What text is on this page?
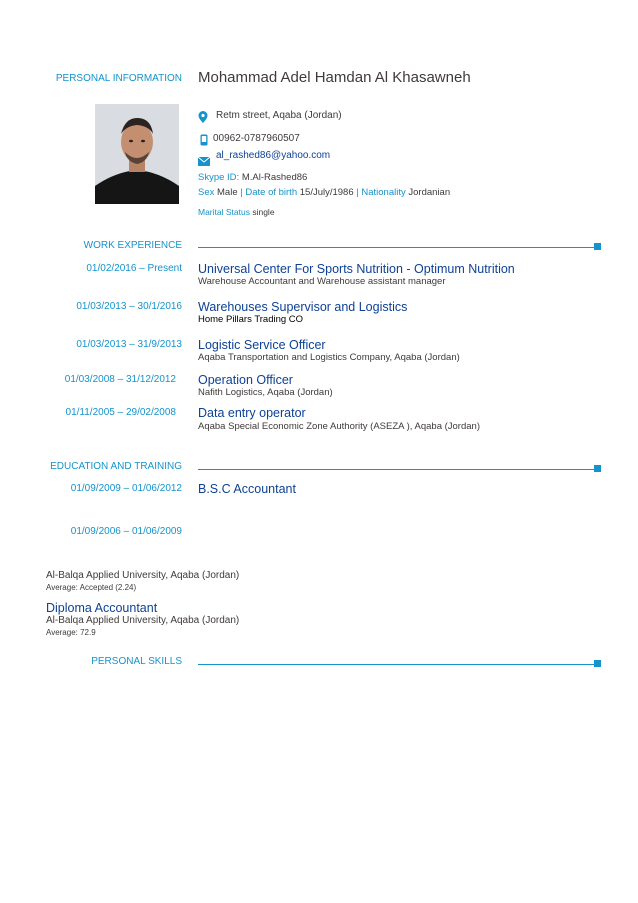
PERSONAL INFORMATION Mohammad Adel Hamdan Al Khasawneh
Retm street, Aqaba (Jordan)
00962-0787960507
al_rashed86@yahoo.com
Skype ID: M.Al-Rashed86
Sex Male | Date of birth 15/July/1986 | Nationality Jordanian
Marital Status single
WORK EXPERIENCE
01/02/2016 – Present Universal Center For Sports Nutrition - Optimum Nutrition
Warehouse Accountant and Warehouse assistant manager
01/03/2013 – 30/1/2016 Warehouses Supervisor and Logistics
Home Pillars Trading CO
01/03/2013 – 31/9/2013 Logistic Service Officer
Aqaba Transportation and Logistics Company, Aqaba (Jordan)
01/03/2008 – 31/12/2012 Operation Officer
Nafith Logistics, Aqaba (Jordan)
01/11/2005 – 29/02/2008 Data entry operator
Aqaba Special Economic Zone Authority (ASEZA ), Aqaba (Jordan)
EDUCATION AND TRAINING
01/09/2009 – 01/06/2012 B.S.C Accountant
01/09/2006 – 01/06/2009
Al-Balqa Applied University, Aqaba (Jordan)
Average: Accepted (2.24)
Diploma Accountant
Al-Balqa Applied University, Aqaba (Jordan)
Average: 72.9
PERSONAL SKILLS
